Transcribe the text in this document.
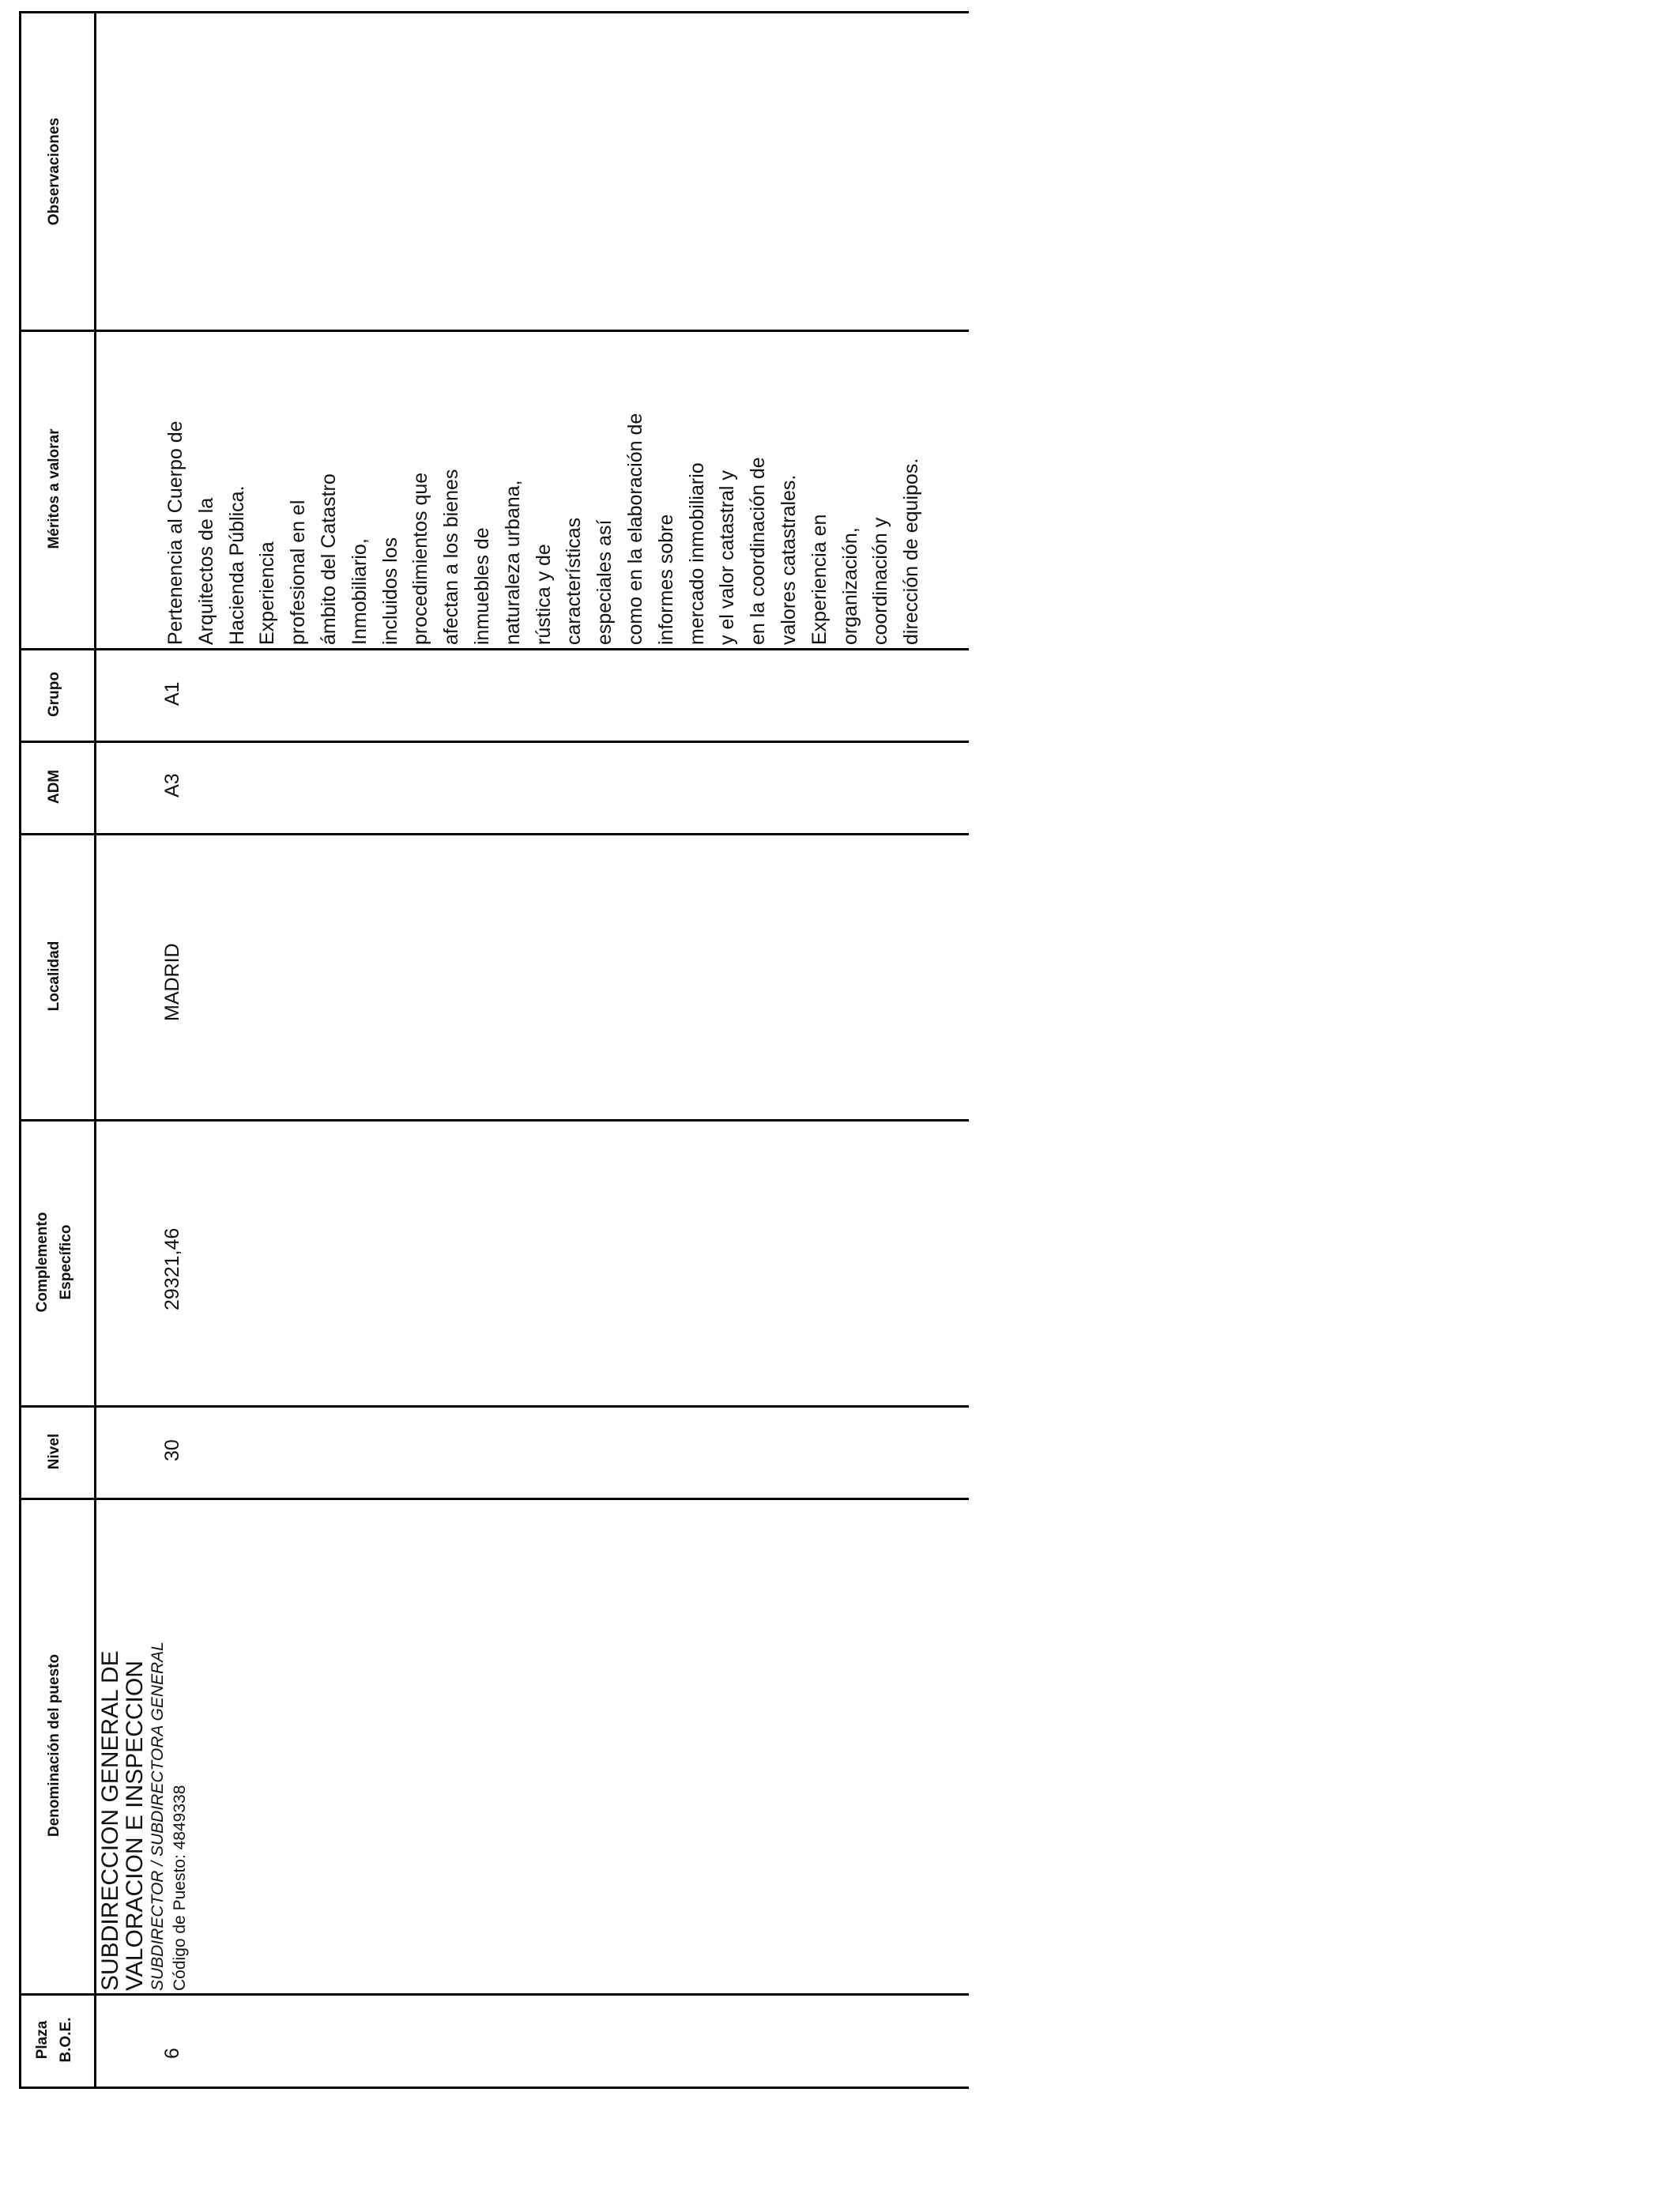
Plaza B.O.E.
Denominación del puesto
Nivel
Complemento Específico
Localidad
ADM
Grupo
Méritos a valorar
Observaciones
6
SUBDIRECCION GENERAL DE
VALORACION E INSPECCION SUBDIRECTOR / SUBDIRECTORA GENERAL Código de Puesto: 4849338
30
29321,46
MADRID
A3
A1
Pertenencia al Cuerpo de Arquitectos de la Hacienda Pública. Experiencia profesional en el ámbito del Catastro Inmobiliario, incluidos los procedimientos que afectan a los bienes inmuebles de naturaleza urbana, rústica y de características especiales así como en la elaboración de informes sobre mercado inmobiliario y el valor catastral y en la coordinación de valores catastrales. Experiencia en organización, coordinación y dirección de equipos.
